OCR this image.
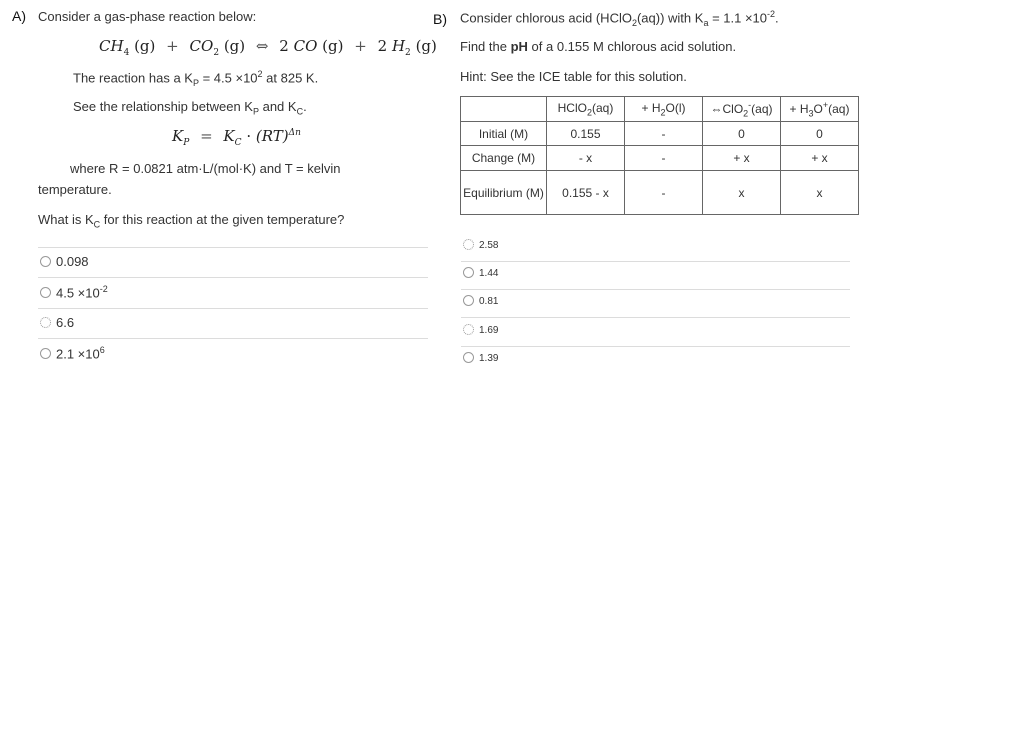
A) Consider a gas-phase reaction below:
$CH_4$ $(g) + CO_2$ (g) ⇔ 2 CO (g) + 2 $H_2$ (g)
The reaction has a $K_P = 4.5 \times 10^2$ at 825 K.
See the relationship between $K_P$ and $K_C$.
$K_P = K_C \cdot (RT)^{\Delta n}$
where R = 0.0821 atm·L/(mol·K) and T = kelvin
temperature.
What is $K_C$ for this reaction at the given temperature?
0.098
$4.5 \times 10^{-2}$
6.6
$2.1 \times 10^6$
B) Consider chlorous acid (HClO$_2$(aq)) with $K_a = 1.1 \times 10^{-2}$.
Find the pH of a 0.155 M chlorous acid solution.
Hint: See the ICE table for this solution.
	HClO$_2$(aq)	+ $H_2O(l)$	⇔ClO$_2$-(aq)	+ $H_3O^+(aq)$
Initial (M)	0.155	-	0	0
Change (M)	- x	-	+ x	+ x
Equilibrium (M)	0.155 - x	-	x	x
2.58
1.44
0.81
1.69
1.39
